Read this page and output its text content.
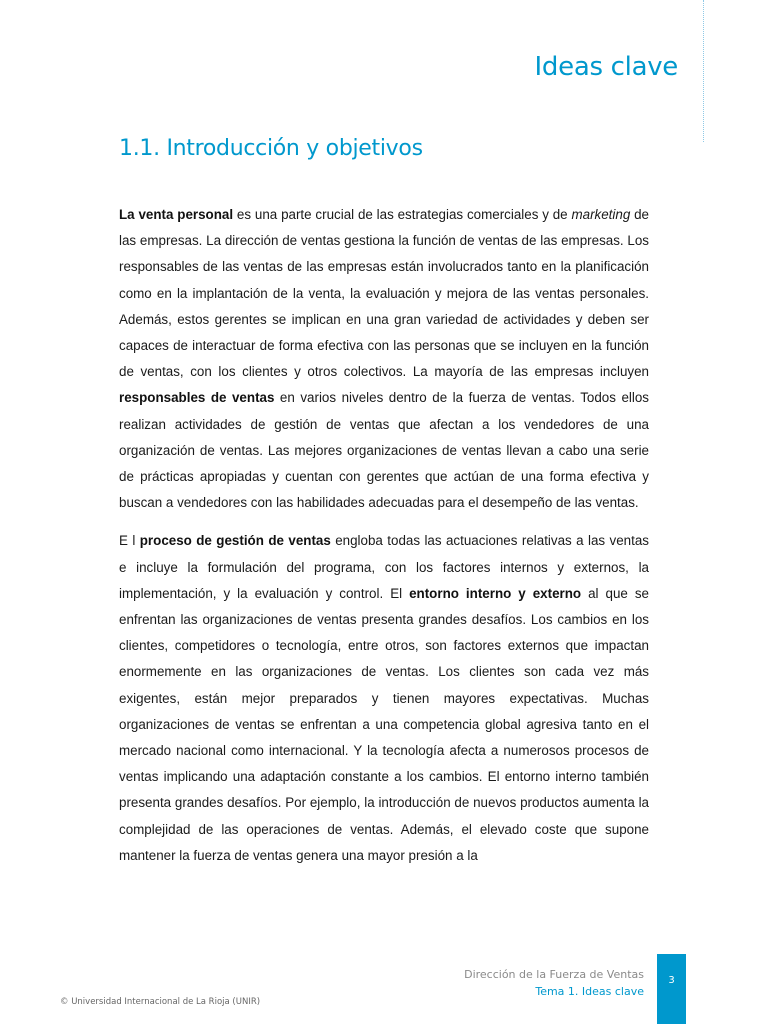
Ideas clave
1.1. Introducción y objetivos

La venta personal es una parte crucial de las estrategias comerciales y de marketing de las empresas. La dirección de ventas gestiona la función de ventas de las empresas. Los responsables de las ventas de las empresas están involucrados tanto en la planificación como en la implantación de la venta, la evaluación y mejora de las ventas personales. Además, estos gerentes se implican en una gran variedad de actividades y deben ser capaces de interactuar de forma efectiva con las personas que se incluyen en la función de ventas, con los clientes y otros colectivos. La mayoría de las empresas incluyen responsables de ventas en varios niveles dentro de la fuerza de ventas. Todos ellos realizan actividades de gestión de ventas que afectan a los vendedores de una organización de ventas. Las mejores organizaciones de ventas llevan a cabo una serie de prácticas apropiadas y cuentan con gerentes que actúan de una forma efectiva y buscan a vendedores con las habilidades adecuadas para el desempeño de las ventas.

E l proceso de gestión de ventas engloba todas las actuaciones relativas a las ventas e incluye la formulación del programa, con los factores internos y externos, la implementación, y la evaluación y control. El entorno interno y externo al que se enfrentan las organizaciones de ventas presenta grandes desafíos. Los cambios en los clientes, competidores o tecnología, entre otros, son factores externos que impactan enormemente en las organizaciones de ventas. Los clientes son cada vez más exigentes, están mejor preparados y tienen mayores expectativas. Muchas organizaciones de ventas se enfrentan a una competencia global agresiva tanto en el mercado nacional como internacional. Y la tecnología afecta a numerosos procesos de ventas implicando una adaptación constante a los cambios. El entorno interno también presenta grandes desafíos. Por ejemplo, la introducción de nuevos productos aumenta la complejidad de las operaciones de ventas. Además, el elevado coste que supone mantener la fuerza de ventas genera una mayor presión a la

Dirección de la Fuerza de Ventas
Tema 1. Ideas clave
3
© Universidad Internacional de La Rioja (UNIR)
